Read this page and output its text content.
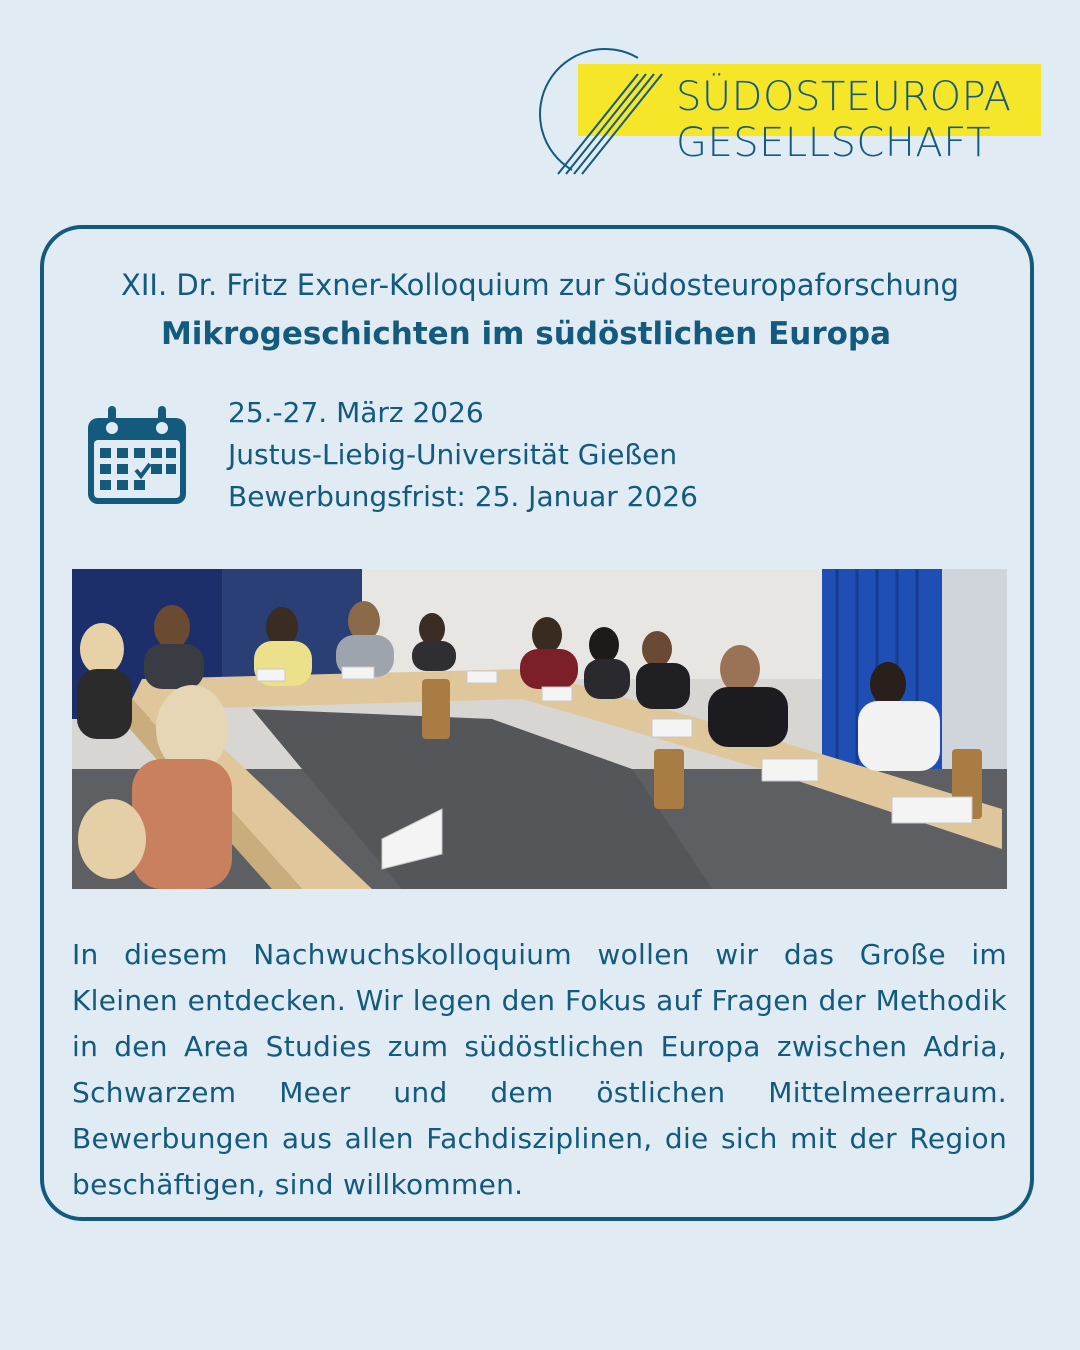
SÜDOSTEUROPA
GESELLSCHAFT
XII. Dr. Fritz Exner-Kolloquium zur Südosteuropaforschung
Mikrogeschichten im südöstlichen Europa
25.-27. März 2026
Justus-Liebig-Universität Gießen
Bewerbungsfrist: 25. Januar 2026
In diesem Nachwuchskolloquium wollen wir das Große im Kleinen entdecken. Wir legen den Fokus auf Fragen der Methodik in den Area Studies zum südöstlichen Europa zwischen Adria, Schwarzem Meer und dem östlichen Mittelmeerraum. Bewerbungen aus allen Fachdisziplinen, die sich mit der Region beschäftigen, sind willkommen.
